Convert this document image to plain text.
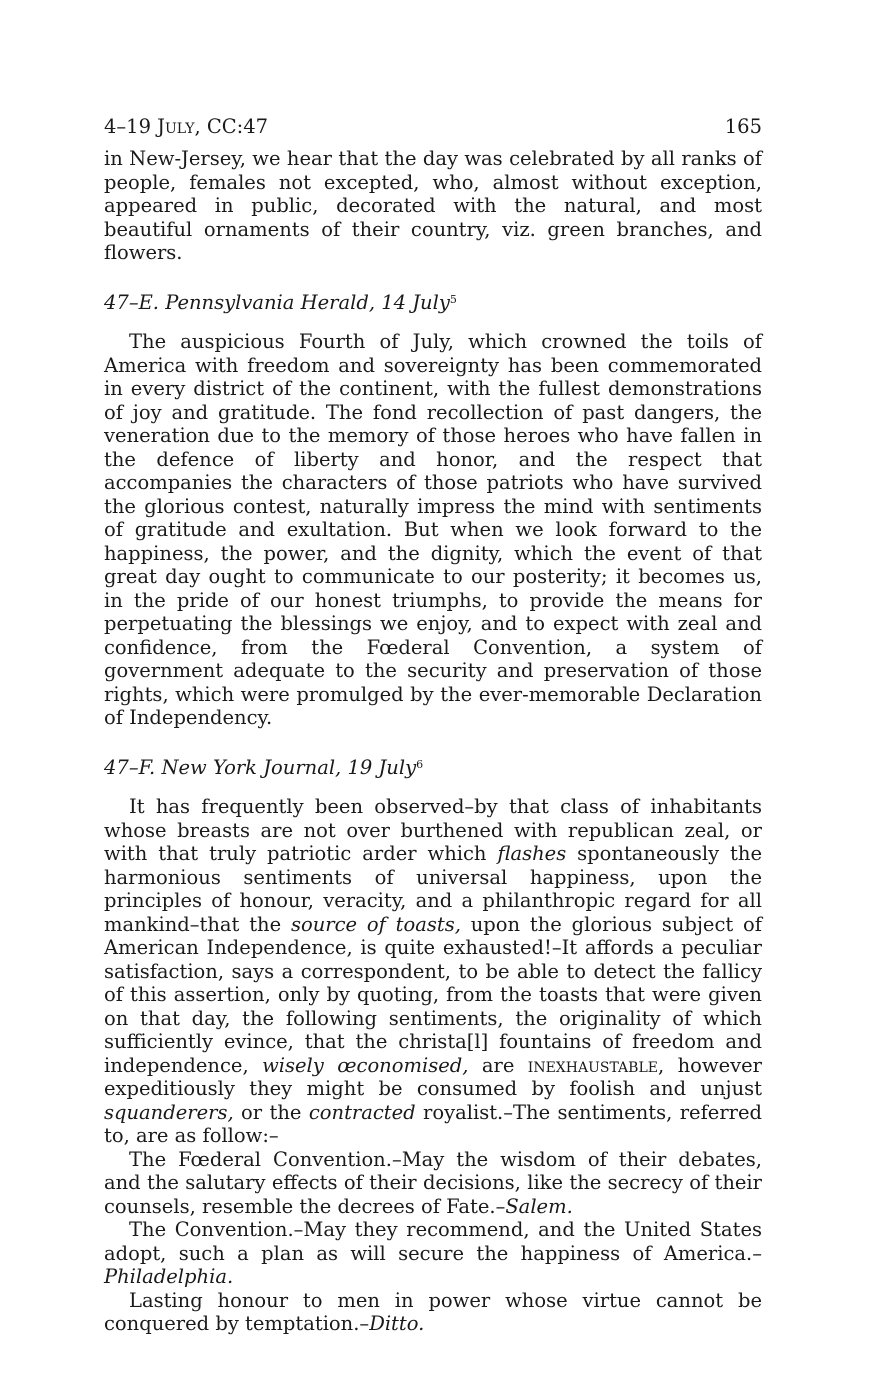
4–19 July, CC:47	165

in New-Jersey, we hear that the day was celebrated by all ranks of people, females not excepted, who, almost without exception, appeared in public, decorated with the natural, and most beautiful ornaments of their country, viz. green branches, and flowers.

47–E. Pennsylvania Herald, 14 July$^5$

The auspicious Fourth of July, which crowned the toils of America with freedom and sovereignty has been commemorated in every district of the continent, with the fullest demonstrations of joy and gratitude. The fond recollection of past dangers, the veneration due to the memory of those heroes who have fallen in the defence of liberty and honor, and the respect that accompanies the characters of those patriots who have survived the glorious contest, naturally impress the mind with sentiments of gratitude and exultation. But when we look forward to the happiness, the power, and the dignity, which the event of that great day ought to communicate to our posterity; it becomes us, in the pride of our honest triumphs, to provide the means for perpetuating the blessings we enjoy, and to expect with zeal and confidence, from the Fœderal Convention, a system of government adequate to the security and preservation of those rights, which were promulged by the ever-memorable Declaration of Independency.

47–F. New York Journal, 19 July$^6$

It has frequently been observed–by that class of inhabitants whose breasts are not over burthened with republican zeal, or with that truly patriotic arder which flashes spontaneously the harmonious sentiments of universal happiness, upon the principles of honour, veracity, and a philanthropic regard for all mankind–that the source of toasts, upon the glorious subject of American Independence, is quite exhausted!–It affords a peculiar satisfaction, says a correspondent, to be able to detect the fallicy of this assertion, only by quoting, from the toasts that were given on that day, the following sentiments, the originality of which sufficiently evince, that the christa[l] fountains of freedom and independence, wisely œconomised, are inexhaustable, however expeditiously they might be consumed by foolish and unjust squanderers, or the contracted royalist.–The sentiments, referred to, are as follow:–

The Fœderal Convention.–May the wisdom of their debates, and the salutary effects of their decisions, like the secrecy of their counsels, resemble the decrees of Fate.–Salem.

The Convention.–May they recommend, and the United States adopt, such a plan as will secure the happiness of America.–Philadelphia.

Lasting honour to men in power whose virtue cannot be conquered by temptation.–Ditto.
